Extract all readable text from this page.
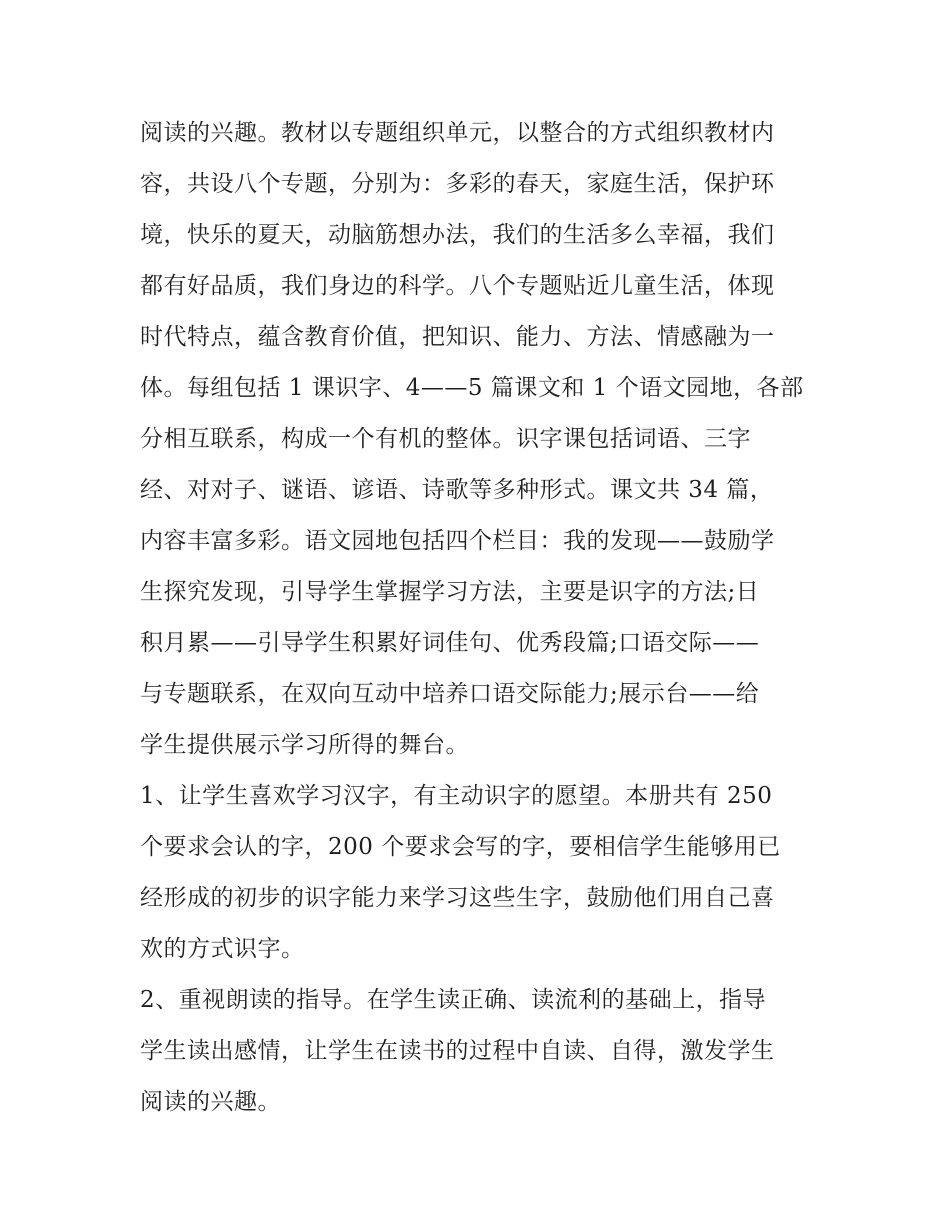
阅读的兴趣。教材以专题组织单元，以整合的方式组织教材内
容，共设八个专题，分别为：多彩的春天，家庭生活，保护环
境，快乐的夏天，动脑筋想办法，我们的生活多么幸福，我们
都有好品质，我们身边的科学。八个专题贴近儿童生活，体现
时代特点，蕴含教育价值，把知识、能力、方法、情感融为一
体。每组包括 1 课识字、4——5 篇课文和 1 个语文园地，各部
分相互联系，构成一个有机的整体。识字课包括词语、三字
经、对对子、谜语、谚语、诗歌等多种形式。课文共 34 篇，
内容丰富多彩。语文园地包括四个栏目：我的发现——鼓励学
生探究发现，引导学生掌握学习方法，主要是识字的方法;日
积月累——引导学生积累好词佳句、优秀段篇;口语交际——
与专题联系，在双向互动中培养口语交际能力;展示台——给
学生提供展示学习所得的舞台。
1、让学生喜欢学习汉字，有主动识字的愿望。本册共有 250
个要求会认的字，200 个要求会写的字，要相信学生能够用已
经形成的初步的识字能力来学习这些生字，鼓励他们用自己喜
欢的方式识字。
2、重视朗读的指导。在学生读正确、读流利的基础上，指导
学生读出感情，让学生在读书的过程中自读、自得，激发学生
阅读的兴趣。
